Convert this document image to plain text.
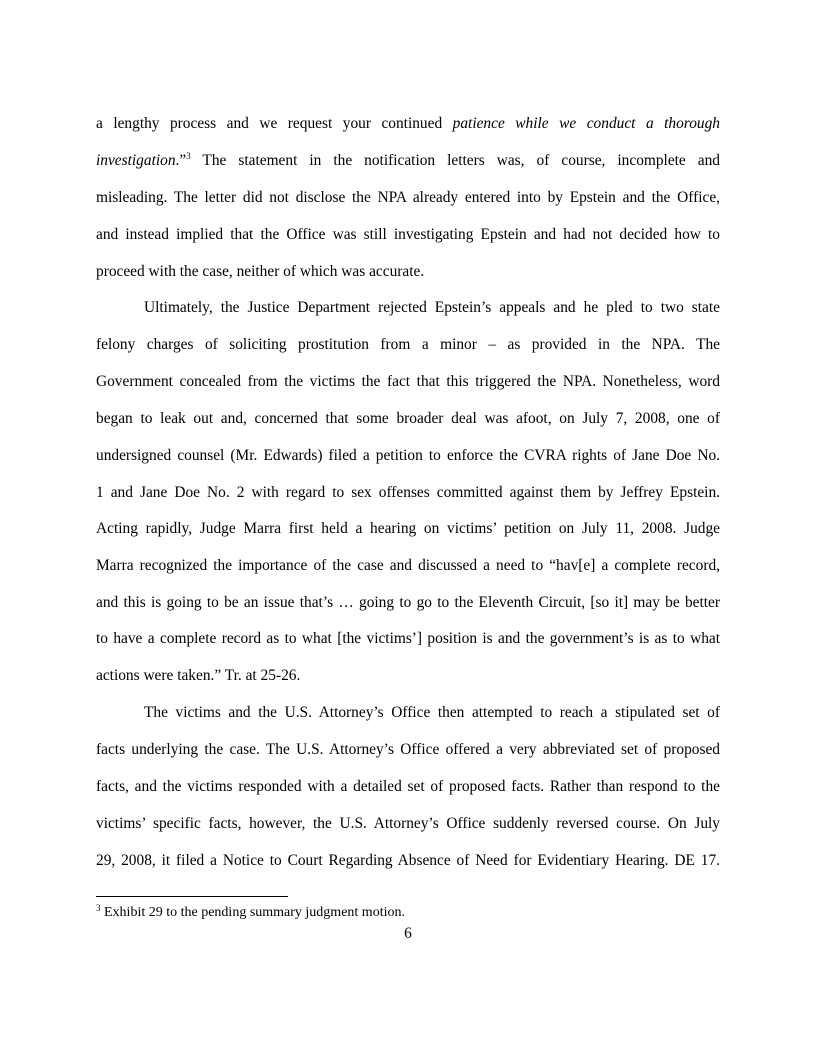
a lengthy process and we request your continued patience while we conduct a thorough
investigation.”$^3$ The statement in the notification letters was, of course, incomplete and
misleading. The letter did not disclose the NPA already entered into by Epstein and the Office,
and instead implied that the Office was still investigating Epstein and had not decided how to
proceed with the case, neither of which was accurate.
Ultimately, the Justice Department rejected Epstein’s appeals and he pled to two state
felony charges of soliciting prostitution from a minor – as provided in the NPA. The
Government concealed from the victims the fact that this triggered the NPA. Nonetheless, word
began to leak out and, concerned that some broader deal was afoot, on July 7, 2008, one of
undersigned counsel (Mr. Edwards) filed a petition to enforce the CVRA rights of Jane Doe No.
1 and Jane Doe No. 2 with regard to sex offenses committed against them by Jeffrey Epstein.
Acting rapidly, Judge Marra first held a hearing on victims’ petition on July 11, 2008. Judge
Marra recognized the importance of the case and discussed a need to “hav[e] a complete record,
and this is going to be an issue that’s … going to go to the Eleventh Circuit, [so it] may be better
to have a complete record as to what [the victims’] position is and the government’s is as to what
actions were taken.” Tr. at 25-26.
The victims and the U.S. Attorney’s Office then attempted to reach a stipulated set of
facts underlying the case. The U.S. Attorney’s Office offered a very abbreviated set of proposed
facts, and the victims responded with a detailed set of proposed facts. Rather than respond to the
victims’ specific facts, however, the U.S. Attorney’s Office suddenly reversed course. On July
29, 2008, it filed a Notice to Court Regarding Absence of Need for Evidentiary Hearing. DE 17.
$^3$ Exhibit 29 to the pending summary judgment motion.
6
